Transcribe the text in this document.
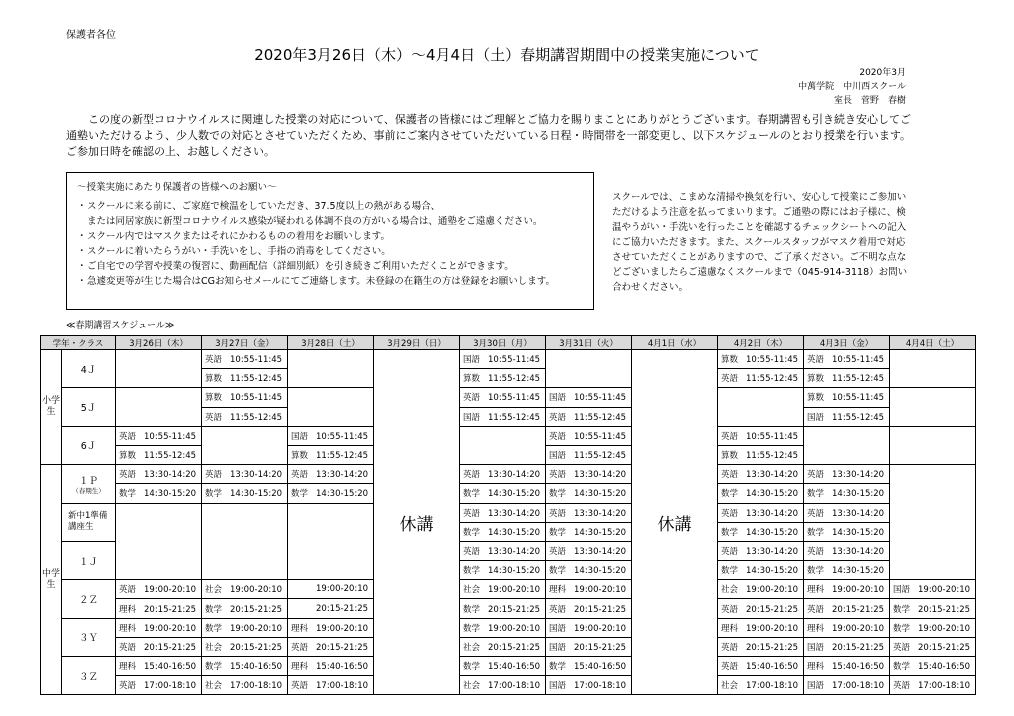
保護者各位
2020年3月26日（木）～4月4日（土）春期講習期間中の授業実施について
2020年3月
中萬学院　中川西スクール
室長　菅野　春樹
この度の新型コロナウイルスに関連した授業の対応について、保護者の皆様にはご理解とご協力を賜りまことにありがとうございます。春期講習も引き続き安心してご通塾いただけるよう、少人数での対応とさせていただくため、事前にご案内させていただいている日程・時間帯を一部変更し、以下スケジュールのとおり授業を行います。ご参加日時を確認の上、お越しください。
～授業実施にあたり保護者の皆様へのお願い～
・スクールに来る前に、ご家庭で検温をしていただき、37.5度以上の熱がある場合、
または同居家族に新型コロナウイルス感染が疑われる体調不良の方がいる場合は、通塾をご遠慮ください。
・スクール内ではマスクまたはそれにかわるものの着用をお願いします。
・スクールに着いたらうがい・手洗いをし、手指の消毒をしてください。
・ご自宅での学習や授業の復習に、動画配信（詳細別紙）を引き続きご利用いただくことができます。
・急遽変更等が生じた場合はCGお知らせメールにてご連絡します。未登録の在籍生の方は登録をお願いします。
スクールでは、こまめな清掃や換気を行い、安心して授業にご参加いただけるよう注意を払ってまいります。ご通塾の際にはお子様に、検温やうがい・手洗いを行ったことを確認するチェックシートへの記入にご協力いただきます。また、スクールスタッフがマスク着用で対応させていただくことがありますので、ご了承ください。ご不明な点などございましたらご遠慮なくスクールまで（045-914-3118）お問い合わせください。
≪春期講習スケジュール≫
学年・クラス		3月26日（木）	3月27日（金）	3月28日（土）	3月29日（日）	3月30日（月）	3月31日（火）	4月1日（水）	4月2日（木）	4月3日（金）	4月4日（土）
小学生	4Ｊ		英語 10:55-11:45		休講	国語 10:55-11:45		休講	算数 10:55-11:45	英語 10:55-11:45	
			算数 11:55-12:45			算数 11:55-12:45			英語 11:55-12:45	算数 11:55-12:45	
	5Ｊ		算数 10:55-11:45			英語 10:55-11:45	国語 10:55-11:45			算数 10:55-11:45	
			英語 11:55-12:45			国語 11:55-12:45	英語 11:55-12:45			国語 11:55-12:45	
	6Ｊ	英語 10:55-11:45		国語 10:55-11:45			英語 10:55-11:45		英語 10:55-11:45		
		算数 11:55-12:45		算数 11:55-12:45			国語 11:55-12:45		算数 11:55-12:45		
中学生	１Ｐ
（春期生）	英語 13:30-14:20	英語 13:30-14:20	英語 13:30-14:20		英語 13:30-14:20	英語 13:30-14:20		英語 13:30-14:20	英語 13:30-14:20	
		数学 14:30-15:20	数学 14:30-15:20	数学 14:30-15:20		数学 14:30-15:20	数学 14:30-15:20		数学 14:30-15:20	数学 14:30-15:20	

	新中1準備講座生					英語 13:30-14:20	英語 13:30-14:20		英語 13:30-14:20	英語 13:30-14:20	
						数学 14:30-15:20	数学 14:30-15:20		数学 14:30-15:20	数学 14:30-15:20	
	１Ｊ					英語 13:30-14:20	英語 13:30-14:20		英語 13:30-14:20	英語 13:30-14:20	
						数学 14:30-15:20	数学 14:30-15:20		数学 14:30-15:20	数学 14:30-15:20	
	２Ｚ	英語 19:00-20:10	社会 19:00-20:10	19:00-20:10		社会 19:00-20:10	理科 19:00-20:10		社会 19:00-20:10	理科 19:00-20:10	国語 19:00-20:10
		理科 20:15-21:25	数学 20:15-21:25	20:15-21:25		数学 20:15-21:25	英語 20:15-21:25		英語 20:15-21:25	英語 20:15-21:25	数学 20:15-21:25
	３Ｙ	理科 19:00-20:10	数学 19:00-20:10	理科 19:00-20:10		数学 19:00-20:10	国語 19:00-20:10		理科 19:00-20:10	理科 19:00-20:10	数学 19:00-20:10
		英語 20:15-21:25	社会 20:15-21:25	英語 20:15-21:25		社会 20:15-21:25	国語 20:15-21:25		英語 20:15-21:25	国語 20:15-21:25	英語 20:15-21:25
	３Ｚ	理科 15:40-16:50	数学 15:40-16:50	理科 15:40-16:50		数学 15:40-16:50	数学 15:40-16:50		英語 15:40-16:50	理科 15:40-16:50	数学 15:40-16:50
		英語 17:00-18:10	社会 17:00-18:10	英語 17:00-18:10		社会 17:00-18:10	国語 17:00-18:10		社会 17:00-18:10	国語 17:00-18:10	英語 17:00-18:10
